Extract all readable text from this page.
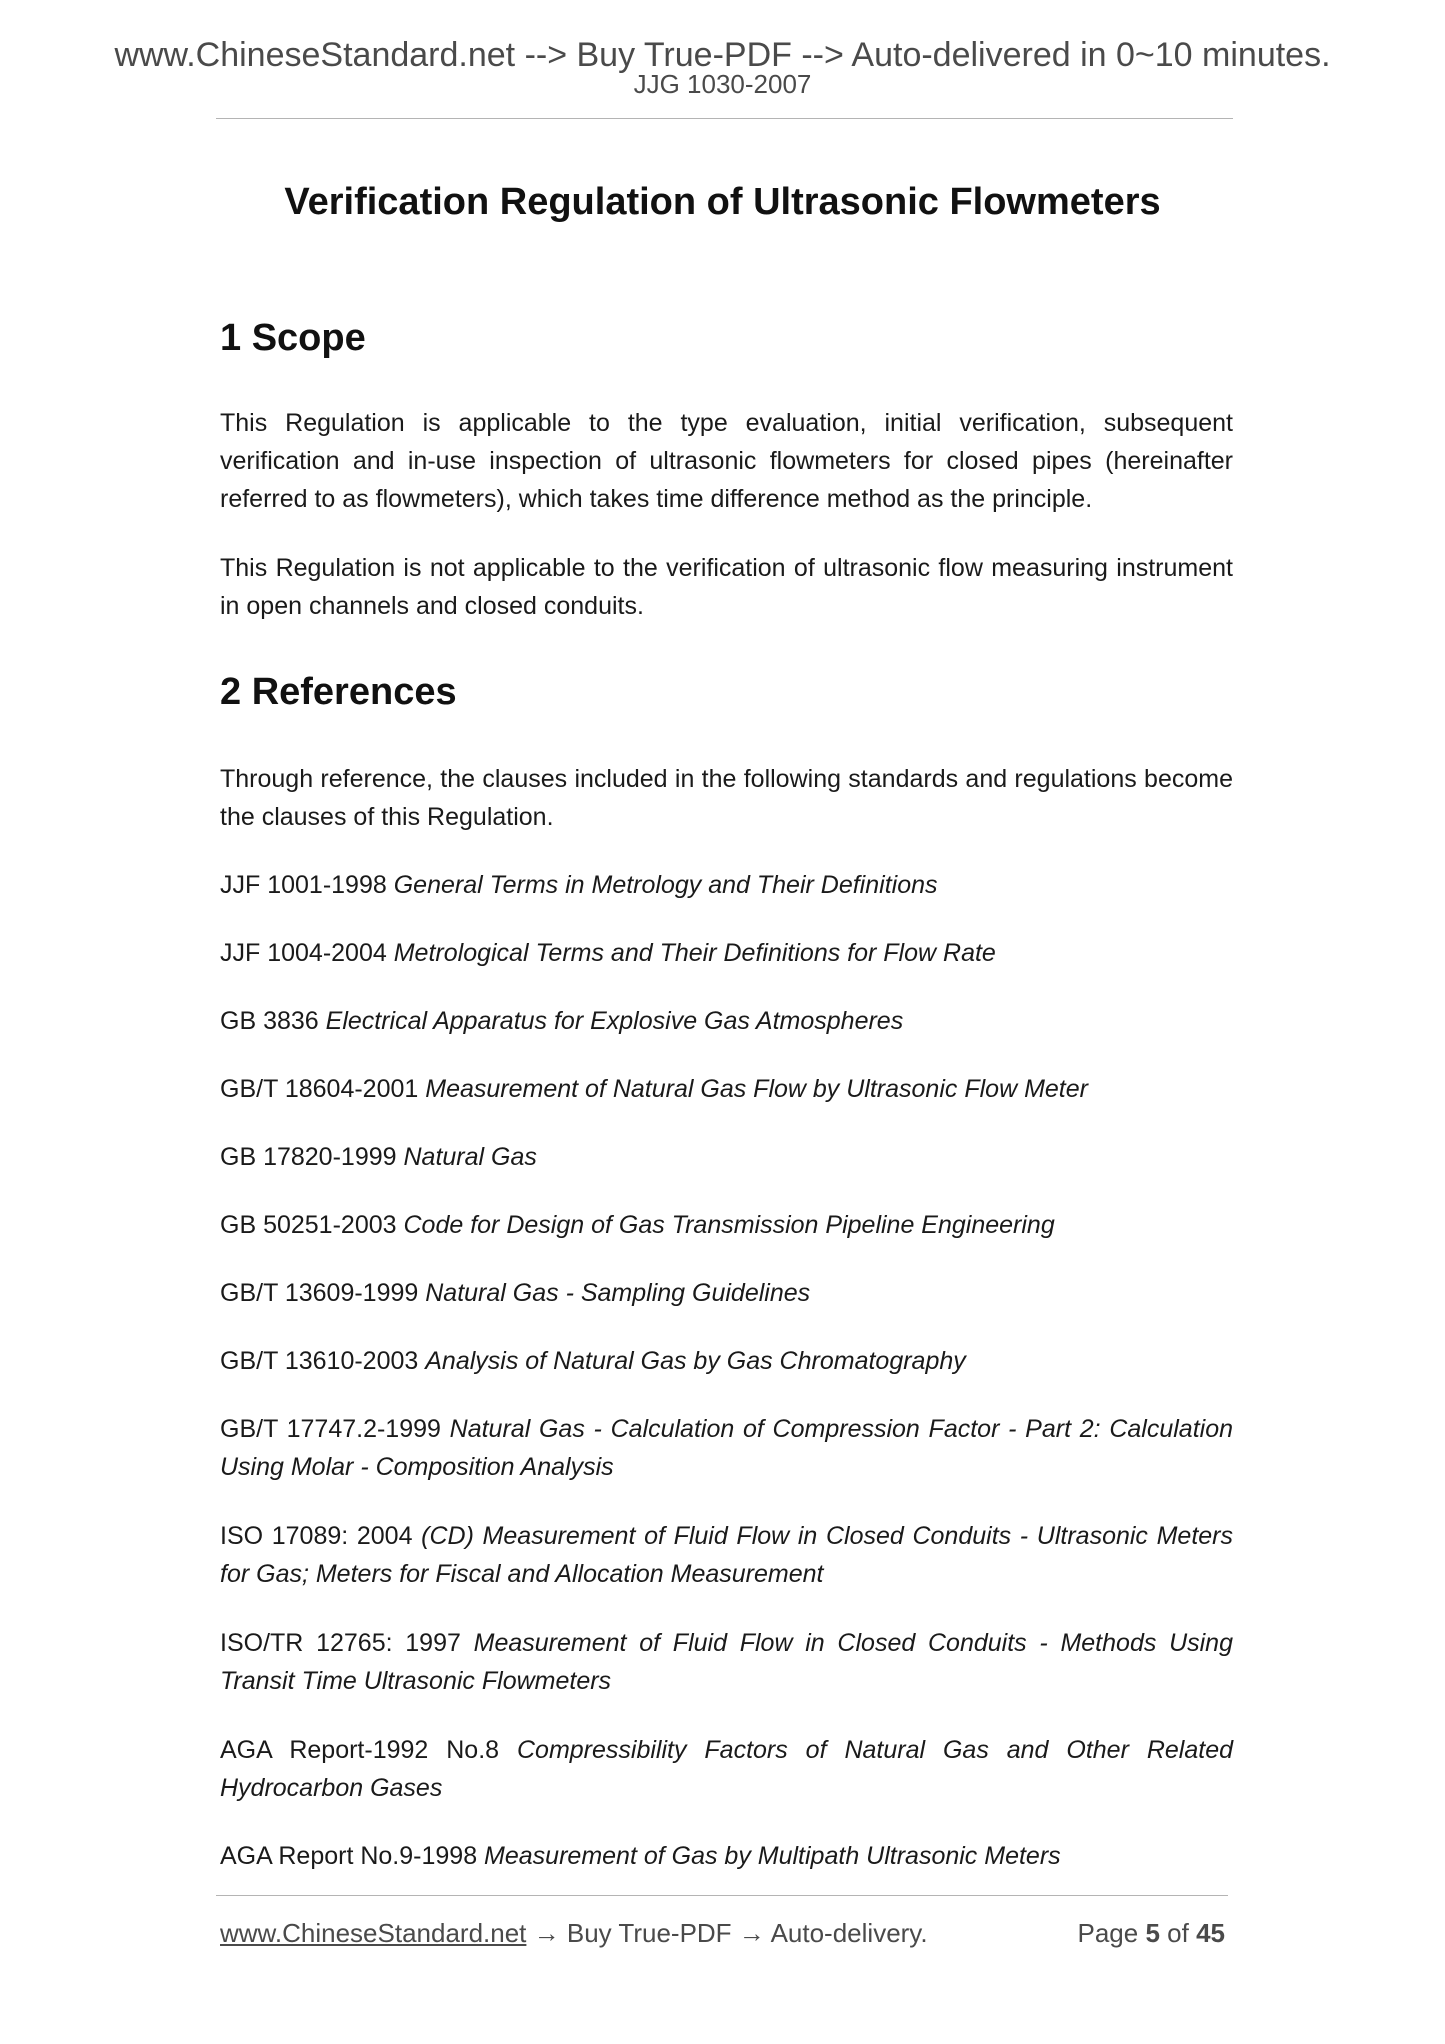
www.ChineseStandard.net --> Buy True-PDF --> Auto-delivered in 0~10 minutes.
JJG 1030-2007
Verification Regulation of Ultrasonic Flowmeters
1 Scope

This Regulation is applicable to the type evaluation, initial verification, subsequent verification and in-use inspection of ultrasonic flowmeters for closed pipes (hereinafter referred to as flowmeters), which takes time difference method as the principle.

This Regulation is not applicable to the verification of ultrasonic flow measuring instrument in open channels and closed conduits.

2 References

Through reference, the clauses included in the following standards and regulations become the clauses of this Regulation.

JJF 1001-1998 General Terms in Metrology and Their Definitions

JJF 1004-2004 Metrological Terms and Their Definitions for Flow Rate

GB 3836 Electrical Apparatus for Explosive Gas Atmospheres

GB/T 18604-2001 Measurement of Natural Gas Flow by Ultrasonic Flow Meter

GB 17820-1999 Natural Gas

GB 50251-2003 Code for Design of Gas Transmission Pipeline Engineering

GB/T 13609-1999 Natural Gas - Sampling Guidelines

GB/T 13610-2003 Analysis of Natural Gas by Gas Chromatography

GB/T 17747.2-1999 Natural Gas - Calculation of Compression Factor - Part 2: Calculation Using Molar - Composition Analysis

ISO 17089: 2004 (CD) Measurement of Fluid Flow in Closed Conduits - Ultrasonic Meters for Gas; Meters for Fiscal and Allocation Measurement

ISO/TR 12765: 1997 Measurement of Fluid Flow in Closed Conduits - Methods Using Transit Time Ultrasonic Flowmeters

AGA Report-1992 No.8 Compressibility Factors of Natural Gas and Other Related Hydrocarbon Gases

AGA Report No.9-1998 Measurement of Gas by Multipath Ultrasonic Meters

www.ChineseStandard.net → Buy True-PDF → Auto-delivery.	Page 5 of 45
